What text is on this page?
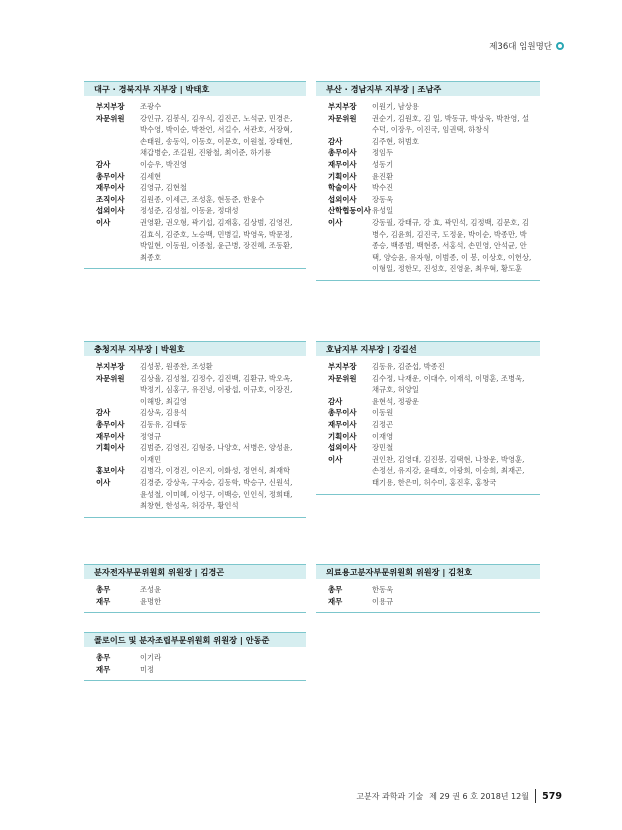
제36대 임원명단
대구 · 경북지부 지부장 | 박태호
부지부장	조광수
자문위원	강인규, 김봉식, 김우식, 김진곤, 노석균, 민경은, 박수영, 박이순, 박찬언, 서길수, 서관호, 서장혁, 손태원, 송동익, 이동호, 이문호, 이원철, 장태현, 채갑병순, 조길원, 진왕철, 최이준, 하기룡
감사	이승우, 박진영
총무이사	김세현
재무이사	김영규, 김현철
조직이사	김원종, 이세근, 조성훈, 현동준, 한윤수
섭외이사	정성준, 김성철, 이동윤, 정대성
이사	권영환, 권오형, 곽기섭, 김재홍, 김상범, 김영진, 김효식, 김준호, 노승백, 민병길, 박영욱, 박문정, 박일현, 이동원, 이종철, 윤근병, 장진혜, 조동환, 최종호
부산 · 경남지부 지부장 | 조남주
부지부장	이원기, 남상용
자문위원	권순기, 김원호, 김 일, 박동규, 박상욱, 박찬영, 설수덕, 이장우, 이진국, 임권택, 하창식
감사	김주현, 허범호
총무이사	정임두
재무이사	성동기
기획이사	윤진환
학술이사	박수진
섭외이사	장동욱
산학협동이사 유성일
이사	강동필, 강태규, 강 효, 곽민석, 김정백, 김문호, 김병수, 김윤희, 김진국, 도정윤, 박이순, 박종만, 박종승, 백종범, 백현종, 서홍석, 손민영, 안석균, 안 택, 양승윤, 유자형, 이범종, 이 봉, 이상호, 이헌상, 이형일, 정한모, 진성호, 진영윤, 최우혁, 황도훈
충청지부 지부장 | 박원호
부지부장	김성봉, 원종찬, 조성환
자문위원	김상율, 김성철, 김정수, 김진백, 김환규, 박오옥, 박정기, 심홍구, 유진녕, 이광섭, 이규호, 이장진, 이해방, 최길영
감사	김상욱, 김용석
총무이사	김동유, 김태동
재무이사	정영규
기획이사	김범준, 김영진, 김형중, 나양호, 서병은, 양성윤, 이재민
홍보이사	김병각, 이경진, 이은지, 이화성, 정연식, 최재학
이사	김경준, 강상욱, 구자승, 김동학, 박승구, 신원석, 윤성철, 이미혜, 이성구, 이백승, 인인식, 정희태, 최창현, 한성옥, 허강무, 황인석
호남지부 지부장 | 강길선
부지부장	김동유, 김준섭, 박종진
자문위원	김수정, 나재운, 이대수, 이재석, 이명훈, 조병욱, 채규호, 허양일
감사	윤현석, 정광운
총무이사	이동원
재무이사	김정곤
기획이사	이재영
섭외이사	장민철
이사	권인찬, 김영대, 김진봉, 김택현, 나창운, 박영훈, 손정선, 유지강, 윤태호, 이광희, 이승희, 최재곤, 태기용, 한은미, 허수미, 홍진후, 홍창국
분자전자부문위원회 위원장 | 김경곤
총무	조성윤
재무	윤명한
의료용고분자부문위원회 위원장 | 김천호
총무	한동욱
재무	이용규
콜로이드 및 분자조립부문위원회 위원장 | 안동준
총무	이기라
재무	미정
고분자 과학과 기술 제 29 권 6 호 2018년 12월 579
